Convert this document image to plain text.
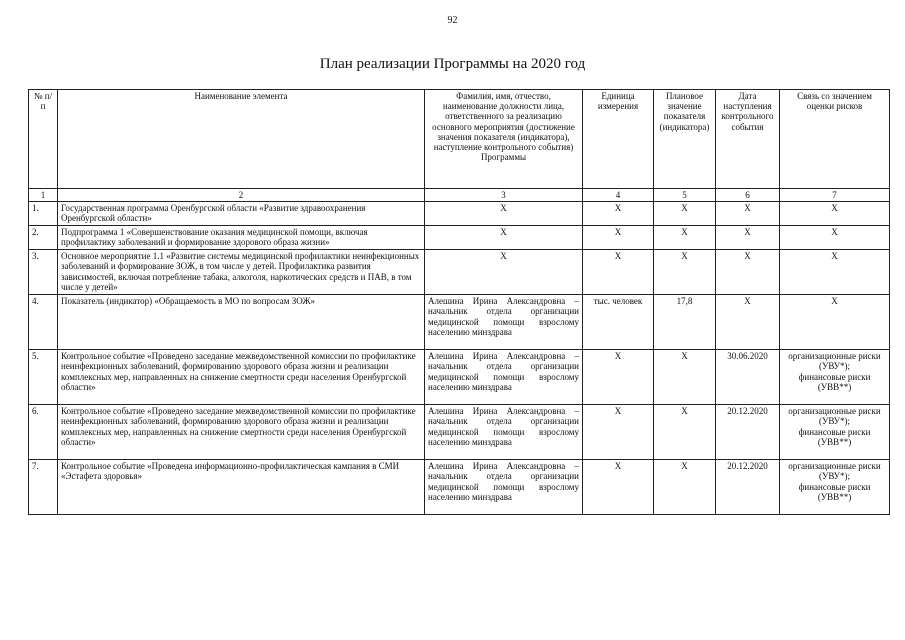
92
План реализации Программы на 2020 год
№ п/п	Наименование элемента	Фамилия, имя, отчество, наименование должности лица, ответственного за реализацию основного мероприятия (достижение значения показателя (индикатора), наступление контрольного события) Программы	Единица измерения	Плановое значение показателя (индикатора)	Дата наступления контрольного события	Связь со значением оценки рисков
1	2	3	4	5	6	7
1.	Государственная программа Оренбургской области «Развитие здравоохранения Оренбургской области»	Х	Х	Х	Х	Х

2.	Подпрограмма 1 «Совершенствование оказания медицинской помощи, включая профилактику заболеваний и формирование здорового образа жизни»	Х	Х	Х	Х	Х

3.	Основное мероприятие 1.1 «Развитие системы медицинской профилактики неинфекционных заболеваний и формирование ЗОЖ, в том числе у детей. Профилактика развития зависимостей, включая потребление табака, алкоголя, наркотических средств и ПАВ, в том числе у детей»	Х	Х	Х	Х	Х

4.	Показатель (индикатор) «Обращаемость в МО по вопросам ЗОЖ»	Алешина Ирина Александровна – начальник отдела организации медицинской помощи взрослому населению минздрава	тыс. человек	17,8	Х	Х

5.	Контрольное событие «Проведено заседание межведомственной комиссии по профилактике неинфекционных заболеваний, формированию здорового образа жизни и реализации комплексных мер, направленных на снижение смертности среди населения Оренбургской области»	Алешина Ирина Александровна – начальник отдела организации медицинской помощи взрослому населению минздрава	Х	Х	30.06.2020	организационные риски (УВУ*);
финансовые риски (УВВ**)

6.	Контрольное событие «Проведено заседание межведомственной комиссии по профилактике неинфекционных заболеваний, формированию здорового образа жизни и реализации комплексных мер, направленных на снижение смертности среди населения Оренбургской области»	Алешина Ирина Александровна – начальник отдела организации медицинской помощи взрослому населению минздрава	Х	Х	20.12.2020	организационные риски (УВУ*);
финансовые риски (УВВ**)

7.	Контрольное событие «Проведена информационно-профилактическая кампания в СМИ «Эстафета здоровья»	Алешина Ирина Александровна – начальник отдела организации медицинской помощи взрослому населению минздрава	Х	Х	20.12.2020	организационные риски (УВУ*);
финансовые риски (УВВ**)
